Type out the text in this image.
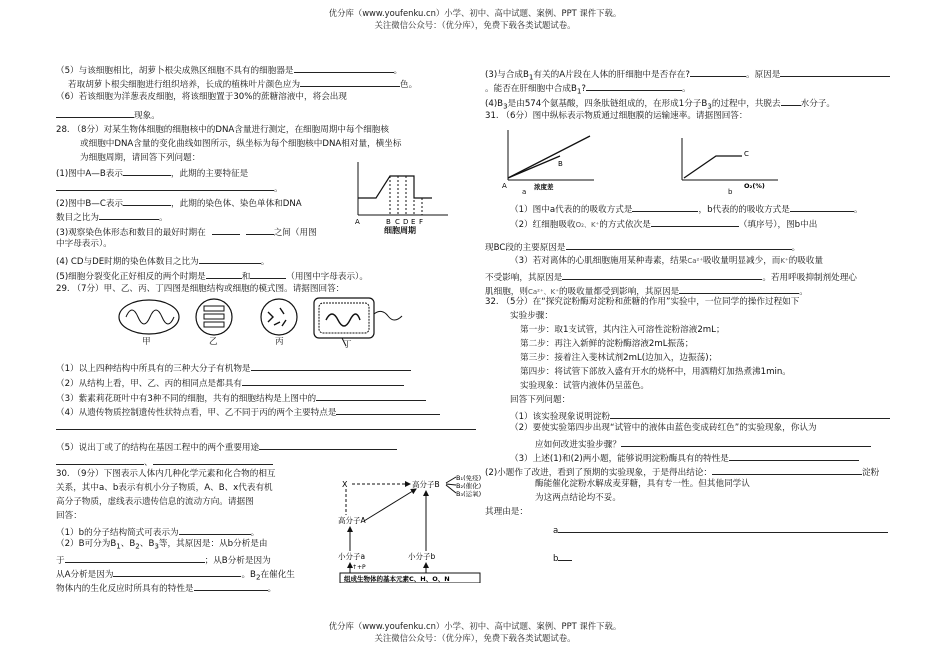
优分库（www.youfenku.cn）小学、初中、高中试题、案例、PPT 课件下载。
关注微信公众号：（优分库），免费下载各类试题试卷。
（5）与该细胞相比，胡萝卜根尖成熟区细胞不具有的细胞器是	。
若取胡萝卜根尖细胞进行组织培养，长成的植株叶片颜色应为	色。
（6）若该细胞为洋葱表皮细胞，将该细胞置于30%的蔗糖溶液中，将会出现
现象。
28. （8分）对某生物体细胞的细胞核中的DNA含量进行测定，在细胞周期中每个细胞核
或细胞中DNA含量的变化曲线如图所示，纵坐标为每个细胞核中DNA相对量，横坐标
为细胞周期，请回答下列问题：
(1)图中A—B表示	，此期的主要特征是
。
(2)图中B—C表示	，此期的染色体、染色单体和DNA
数目之比为	。
(3)观察染色体形态和数目的最好时期在	之间（用图
中字母表示）。
(4) CD与DE时期的染色体数目之比为	。
(5)细胞分裂变化正好相反的两个时期是	和	（用图中字母表示）。
A	B C D E F
细胞周期
29. （7分）甲、乙、丙、丁四图是细胞结构或细胞的模式图。请据图回答：
甲	乙	丙	丁
（1）以上四种结构中所具有的三种大分子有机物是
（2）从结构上看，甲、乙、丙的相同点是都具有
（3）紫素莉花斑叶中有3种不同的细胞，共有的细胞结构是上图中的
（4）从遗传物质控制遗传性状特点看，甲、乙不同于丙的两个主要特点是
（5）说出丁或了的结构在基因工程中的两个重要用途
、
30. （9分）下图表示人体内几种化学元素和化合物的相互
关系，其中a、b表示有机小分子物质，A、B、x代表有机
高分子物质，虚线表示遗传信息的流动方向。请据图
回答：
（1）b的分子结构简式可表示为	。
（2）B可分为$B_1$、$B_2$、$B_3$等，其原因是：从b分析是由
于	；从B分析是因为
从A分析是因为	。$B_2$在催化生
物体内的生化反应时所具有的特性是	。
X	高分子B
B₁(免疫)
B₂(催化)
B₃(运氧)
高分子A
小分子a	小分子b
↑+P
组成生物体的基本元素C、H、O、N
(3)与合成$B_1$有关的A片段在人体的肝细胞中是否存在?	。原因是
。能否在肝细胞中合成$B_1$?	。
$(4)B_3$是由574个氨基酸，四条肽链组成的，在形成1分子$B_3$的过程中，共脱去 水分子。
31. （6分）图中纵标表示物质通过细胞膜的运输速率。请据图回答：
B
A	浓度差
a
C
O₂(%)
b
（1）图中a代表的的吸收方式是	，b代表的的吸收方式是	。
（2）红细胞吸收O₂、K⁺的方式依次是	（填序号），图b中出
现BC段的主要原因是	。
（3）若对离体的心肌细胞施用某种毒素，结果Ca²⁺吸收量明显减少，而K⁺的吸收量
不受影响，其原因是	。若用呼吸抑制剂处理心
肌细胞，则Ca²⁺、K⁺的吸收量都受到影响，其原因是	。
32. （5分）在“探究淀粉酶对淀粉和蔗糖的作用”实验中，一位同学的操作过程如下
实验步骤：
第一步：取1支试管，其内注入可溶性淀粉溶液2mL；
第二步：再注入新鲜的淀粉酶溶液2mL振荡；
第三步：接着注入斐林试剂2mL(边加入，边振荡)；
第四步：将试管下部放入盛有开水的烧杯中，用酒精灯加热煮沸1min。
实验现象：试管内液体仍呈蓝色。
回答下列问题：
（1）该实验现象说明淀粉
（2）要使实验第四步出现“试管中的液体由蓝色变成砖红色”的实验现象，你认为
应如何改进实验步骤？
（3）上述(1)和(2)两小题，能够说明淀粉酶具有的特性是
(2)小题作了改进，看到了预期的实验现象，于是得出结论：	淀粉
酶能催化淀粉水解成麦芽糖，具有专一性。但其他同学认
为这两点结论均不妥。
其理由是：
a
b
优分库（www.youfenku.cn）小学、初中、高中试题、案例、PPT 课件下载。
关注微信公众号：（优分库），免费下载各类试题试卷。
